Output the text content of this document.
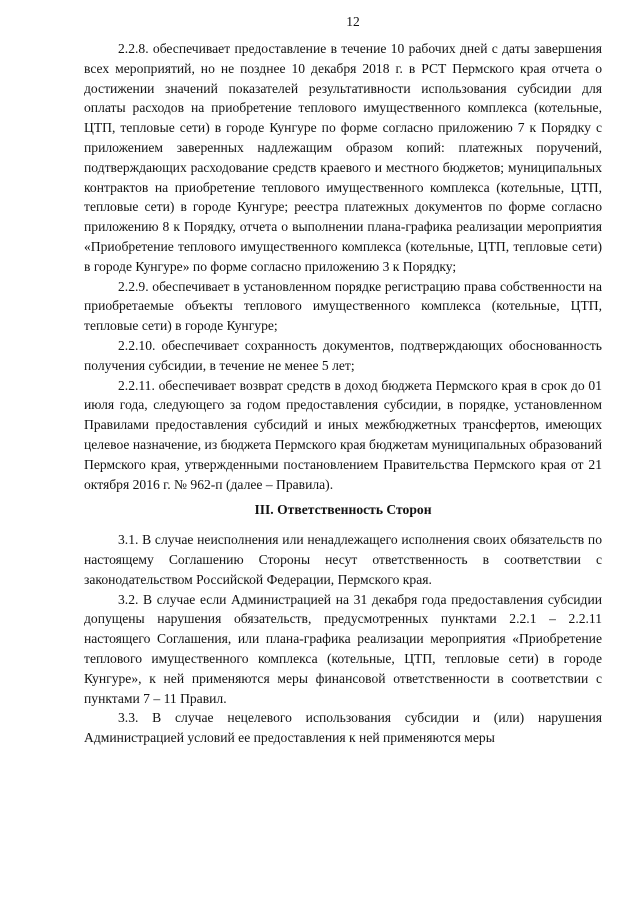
12

2.2.8. обеспечивает предоставление в течение 10 рабочих дней с даты завершения всех мероприятий, но не позднее 10 декабря 2018 г. в РСТ Пермского края отчета о достижении значений показателей результативности использования субсидии для оплаты расходов на приобретение теплового имущественного комплекса (котельные, ЦТП, тепловые сети) в городе Кунгуре по форме согласно приложению 7 к Порядку с приложением заверенных надлежащим образом копий: платежных поручений, подтверждающих расходование средств краевого и местного бюджетов; муниципальных контрактов на приобретение теплового имущественного комплекса (котельные, ЦТП, тепловые сети) в городе Кунгуре; реестра платежных документов по форме согласно приложению 8 к Порядку, отчета о выполнении плана-графика реализации мероприятия «Приобретение теплового имущественного комплекса (котельные, ЦТП, тепловые сети) в городе Кунгуре» по форме согласно приложению 3 к Порядку;

2.2.9. обеспечивает в установленном порядке регистрацию права собственности на приобретаемые объекты теплового имущественного комплекса (котельные, ЦТП, тепловые сети) в городе Кунгуре;

2.2.10. обеспечивает сохранность документов, подтверждающих обоснованность получения субсидии, в течение не менее 5 лет;

2.2.11. обеспечивает возврат средств в доход бюджета Пермского края в срок до 01 июля года, следующего за годом предоставления субсидии, в порядке, установленном Правилами предоставления субсидий и иных межбюджетных трансфертов, имеющих целевое назначение, из бюджета Пермского края бюджетам муниципальных образований Пермского края, утвержденными постановлением Правительства Пермского края от 21 октября 2016 г. № 962-п (далее – Правила).

III. Ответственность Сторон

3.1. В случае неисполнения или ненадлежащего исполнения своих обязательств по настоящему Соглашению Стороны несут ответственность в соответствии с законодательством Российской Федерации, Пермского края.

3.2. В случае если Администрацией на 31 декабря года предоставления субсидии допущены нарушения обязательств, предусмотренных пунктами 2.2.1 – 2.2.11 настоящего Соглашения, или плана-графика реализации мероприятия «Приобретение теплового имущественного комплекса (котельные, ЦТП, тепловые сети) в городе Кунгуре», к ней применяются меры финансовой ответственности в соответствии с пунктами 7 – 11 Правил.

3.3. В случае нецелевого использования субсидии и (или) нарушения Администрацией условий ее предоставления к ней применяются меры
